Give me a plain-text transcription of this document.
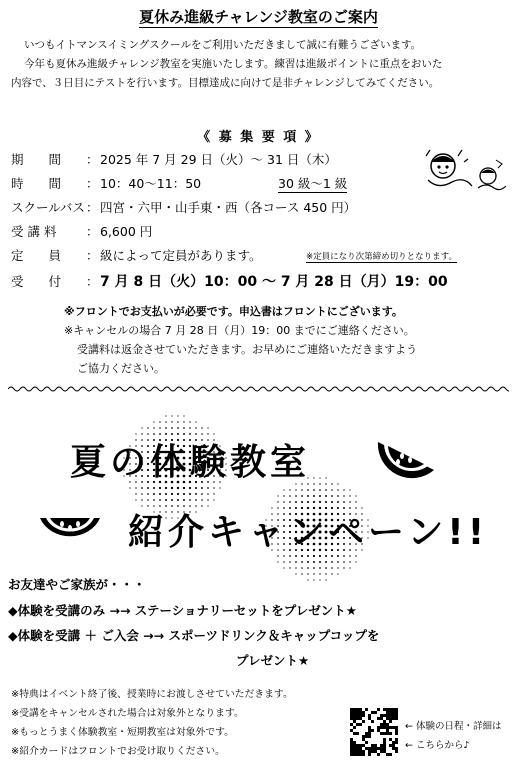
夏休み進級チャレンジ教室のご案内
いつもイトマンスイミングスクールをご利用いただきまして誠に有難うございます。
今年も夏休み進級チャレンジ教室を実施いたします。練習は進級ポイントに重点をおいた
内容で、３日目にテストを行います。目標達成に向けて是非チャレンジしてみてください。
《 募 集 要 項 》
期　　間 ： 2025 年 7 月 29 日（火）～ 31 日（木）
時　　間 ： 10：40～11：50	30 級～1 級
スクールバス ： 四宮・六甲・山手東・西（各コース 450 円）
受 講 料 ： 6,600 円
定　　員 ： 級によって定員があります。	※定員になり次第締め切りとなります。
受　　付 ： 7 月 8 日（火）10：00 ～ 7 月 28 日（月）19：00
※フロントでお支払いが必要です。申込書はフロントにございます。
※キャンセルの場合 7 月 28 日（月）19：00 までにご連絡ください。
受講料は返金させていただきます。お早めにご連絡いただきますよう
ご協力ください。
夏の体験教室
紹介キャンペーン!!
お友達やご家族が・・・
◆体験を受講のみ →→ ステーショナリーセットをプレゼント★
◆体験を受講 ＋ ご入会 →→ スポーツドリンク＆キャップコップを
プレゼント★
※特典はイベント終了後、授業時にお渡しさせていただきます。
※受講をキャンセルされた場合は対象外となります。
※もっとうまく体験教室・短期教室は対象外です。
※紹介カードはフロントでお受け取りください。
← 体験の日程・詳細は
← こちらから♪
